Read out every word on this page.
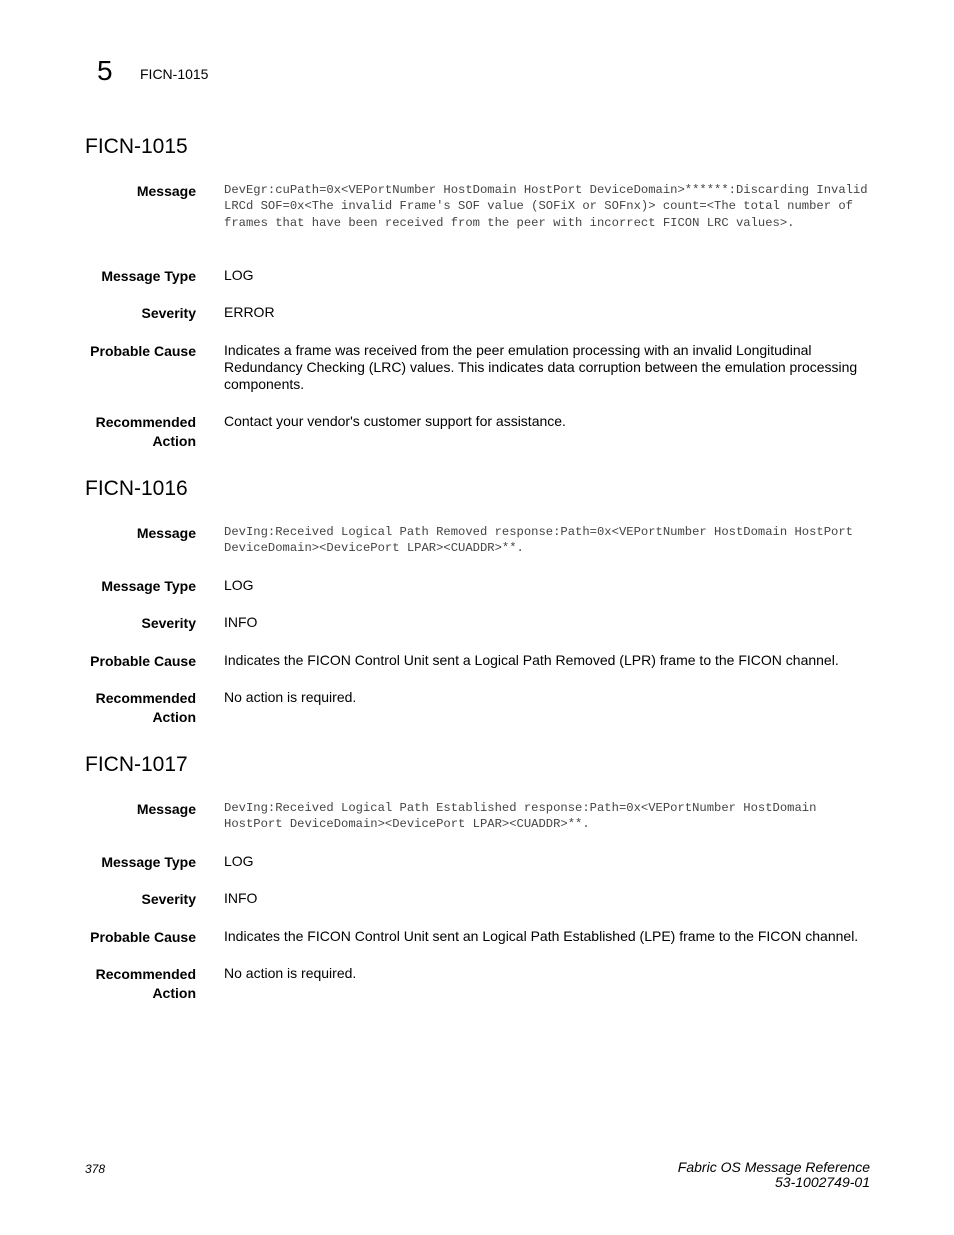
5 FICN-1015
FICN-1015
Message DevEgr:cuPath=0x<VEPortNumber HostDomain HostPort DeviceDomain>******:Discarding Invalid LRCd SOF=0x<The invalid Frame's SOF value (SOFiX or SOFnx)> count=<The total number of frames that have been received from the peer with incorrect FICON LRC values>.
Message Type LOG
Severity ERROR
Probable Cause Indicates a frame was received from the peer emulation processing with an invalid Longitudinal Redundancy Checking (LRC) values. This indicates data corruption between the emulation processing components.
Recommended
Action
Contact your vendor's customer support for assistance.
FICN-1016
Message DevIng:Received Logical Path Removed response:Path=0x<VEPortNumber HostDomain HostPort DeviceDomain><DevicePort LPAR><CUADDR>**.
Message Type LOG
Severity INFO
Probable Cause Indicates the FICON Control Unit sent a Logical Path Removed (LPR) frame to the FICON channel.
Recommended
Action
No action is required.
FICN-1017
Message DevIng:Received Logical Path Established response:Path=0x<VEPortNumber HostDomain HostPort DeviceDomain><DevicePort LPAR><CUADDR>**.
Message Type LOG
Severity INFO
Probable Cause Indicates the FICON Control Unit sent an Logical Path Established (LPE) frame to the FICON channel.
Recommended
Action
No action is required.
378	Fabric OS Message Reference
53-1002749-01
